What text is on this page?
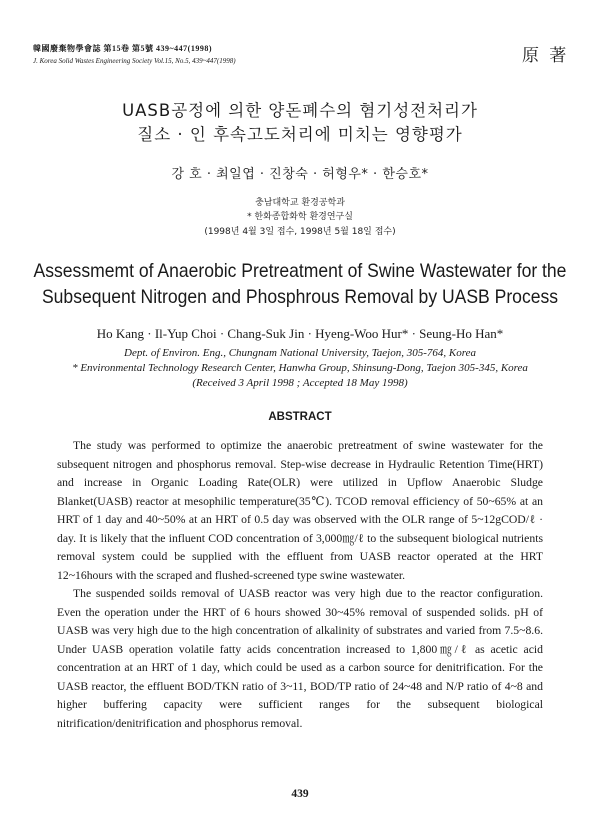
韓國廢棄物學會誌 第15卷 第5號 439~447(1998)
J. Korea Solid Wastes Engineering Society Vol.15, No.5, 439~447(1998)	原 著
UASB공정에 의한 양돈폐수의 혐기성전처리가
질소 · 인 후속고도처리에 미치는 영향평가
강 호 · 최일엽 · 진창숙 · 허형우* · 한승호*
충남대학교 환경공학과
* 한화종합화학 환경연구실
(1998년 4월 3일 접수, 1998년 5월 18일 접수)
Assessmemt of Anaerobic Pretreatment of Swine Wastewater for the
Subsequent Nitrogen and Phosphrous Removal by UASB Process
Ho Kang · Il-Yup Choi · Chang-Suk Jin · Hyeng-Woo Hur* · Seung-Ho Han*
Dept. of Environ. Eng., Chungnam National University, Taejon, 305-764, Korea
* Environmental Technology Research Center, Hanwha Group, Shinsung-Dong, Taejon 305-345, Korea
(Received 3 April 1998 ; Accepted 18 May 1998)
ABSTRACT

The study was performed to optimize the anaerobic pretreatment of swine wastewater for the subsequent nitrogen and phosphorus removal. Step-wise decrease in Hydraulic Retention Time(HRT) and increase in Organic Loading Rate(OLR) were utilized in Upflow Anaerobic Sludge Blanket(UASB) reactor at mesophilic temperature(35℃). TCOD removal efficiency of 50~65% at an HRT of 1 day and 40~50% at an HRT of 0.5 day was observed with the OLR range of 5~12gCOD/ℓ · day. It is likely that the influent COD concentration of 3,000㎎/ℓ to the subsequent biological nutrients removal system could be supplied with the effluent from UASB reactor operated at the HRT 12~16hours with the scraped and flushed-screened type swine wastewater.

The suspended soilds removal of UASB reactor was very high due to the reactor configuration. Even the operation under the HRT of 6 hours showed 30~45% removal of suspended solids. pH of UASB was very high due to the high concentration of alkalinity of substrates and varied from 7.5~8.6. Under UASB operation volatile fatty acids concentration increased to 1,800㎎/ℓ as acetic acid concentration at an HRT of 1 day, which could be used as a carbon source for denitrification. For the UASB reactor, the effluent BOD/TKN ratio of 3~11, BOD/TP ratio of 24~48 and N/P ratio of 4~8 and higher buffering capacity were sufficient ranges for the subsequent biological nitrification/denitrification and phosphorus removal.

439
